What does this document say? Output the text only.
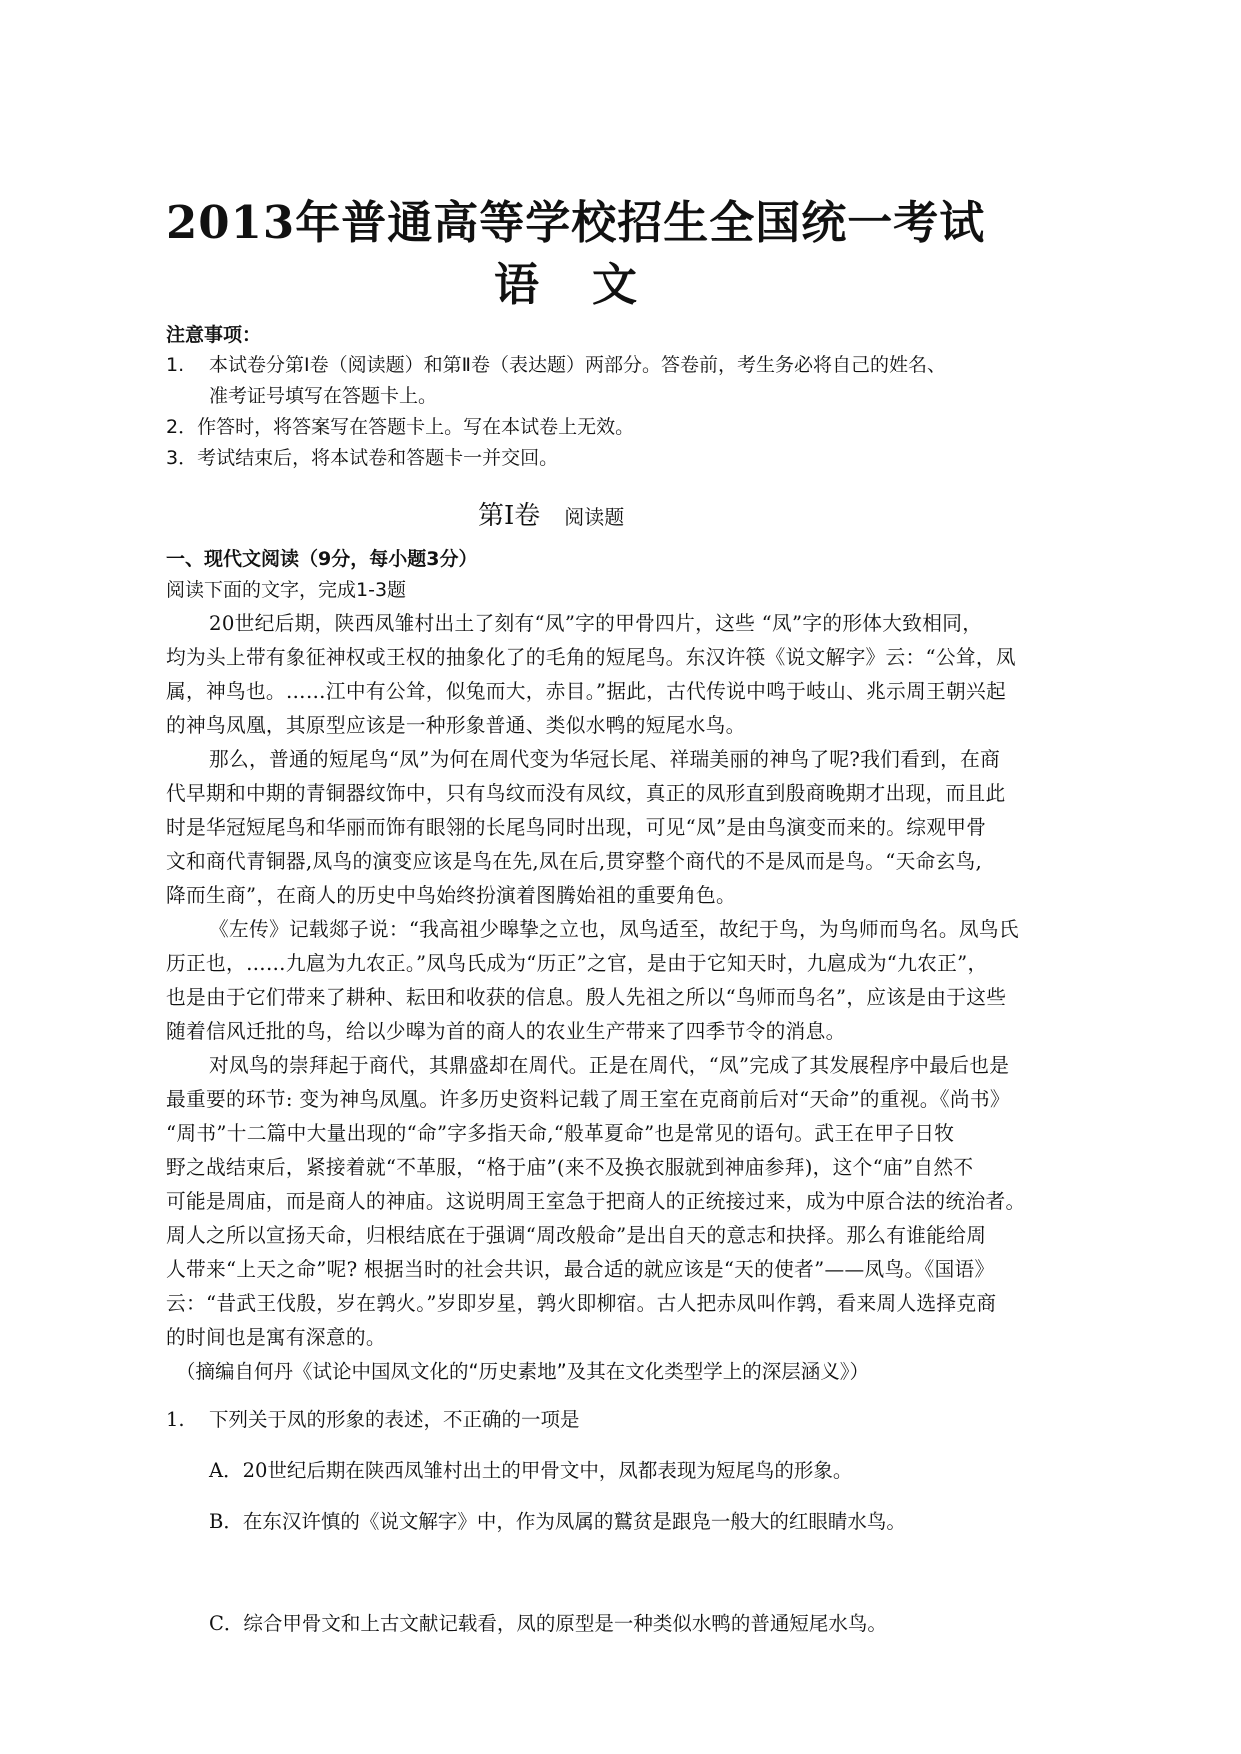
2013年普通高等学校招生全国统一考试
语 文
注意事项：
1. 本试卷分第Ⅰ卷（阅读题）和第Ⅱ卷（表达题）两部分。答卷前，考生务必将自己的姓名、
准考证号填写在答题卡上。
2．作答时，将答案写在答题卡上。写在本试卷上无效。
3．考试结束后，将本试卷和答题卡一并交回。
第Ⅰ卷 阅读题
一、现代文阅读（9分，每小题3分）
阅读下面的文字，完成1-3题
20世纪后期，陕西凤雏村出土了刻有“凤”字的甲骨四片，这些 “凤”字的形体大致相同，
均为头上带有象征神权或王权的抽象化了的毛角的短尾鸟。东汉许筷《说文解字》云：“公耸，凤
属，神鸟也。……江中有公耸，似兔而大，赤目。”据此，古代传说中鸣于岐山、兆示周王朝兴起
的神鸟凤凰，其原型应该是一种形象普通、类似水鸭的短尾水鸟。
那么，普通的短尾鸟“凤”为何在周代变为华冠长尾、祥瑞美丽的神鸟了呢?我们看到，在商
代早期和中期的青铜器纹饰中，只有鸟纹而没有凤纹，真正的凤形直到殷商晚期才出现，而且此
时是华冠短尾鸟和华丽而饰有眼翎的长尾鸟同时出现，可见“凤”是由鸟演变而来的。综观甲骨
文和商代青铜器,凤鸟的演变应该是鸟在先,凤在后,贯穿整个商代的不是凤而是鸟。“天命玄鸟,
降而生商”，在商人的历史中鸟始终扮演着图腾始祖的重要角色。
《左传》记载郯子说：“我高祖少暤挚之立也，凤鸟适至，故纪于鸟，为鸟师而鸟名。凤鸟氏
历正也，……九扈为九农正。”凤鸟氏成为“历正”之官，是由于它知天时，九扈成为“九农正”，
也是由于它们带来了耕种、耘田和收获的信息。殷人先祖之所以“鸟师而鸟名”，应该是由于这些
随着信风迁批的鸟，给以少暤为首的商人的农业生产带来了四季节令的消息。
对凤鸟的崇拜起于商代，其鼎盛却在周代。正是在周代，“凤”完成了其发展程序中最后也是
最重要的环节: 变为神鸟凤凰。许多历史资料记载了周王室在克商前后对“天命”的重视。《尚书》
“周书”十二篇中大量出现的“命”字多指天命,“般革夏命”也是常见的语句。武王在甲子日牧
野之战结束后，紧接着就“不革服，“格于庙”(来不及换衣服就到神庙参拜)，这个“庙”自然不
可能是周庙，而是商人的神庙。这说明周王室急于把商人的正统接过来，成为中原合法的统治者。
周人之所以宣扬天命，归根结底在于强调“周改般命”是出自天的意志和抉择。那么有谁能给周
人带来“上天之命”呢? 根据当时的社会共识，最合适的就应该是“天的使者”——凤鸟。《国语》
云：“昔武王伐殷，岁在鹑火。”岁即岁星，鹑火即柳宿。古人把赤凤叫作鹑，看来周人选择克商
的时间也是寓有深意的。
（摘编自何丹《试论中国凤文化的“历史素地”及其在文化类型学上的深层涵义》）
1. 下列关于凤的形象的表述，不正确的一项是
A．20世纪后期在陕西凤雏村出土的甲骨文中，凤都表现为短尾鸟的形象。
B．在东汉许慎的《说文解字》中，作为凤属的鷲贫是跟凫一般大的红眼睛水鸟。
C．综合甲骨文和上古文献记载看，凤的原型是一种类似水鸭的普通短尾水鸟。
